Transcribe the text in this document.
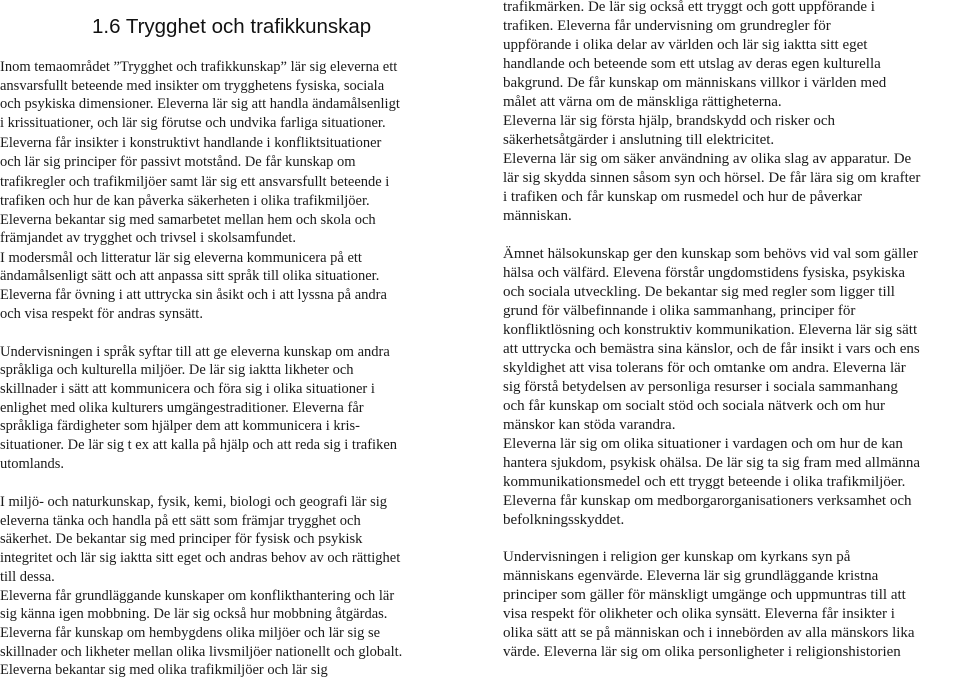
1.6 Trygghet och trafikkunskap
Inom temaområdet ”Trygghet och trafikkunskap” lär sig eleverna ett
ansvarsfullt beteende med insikter om trygghetens fysiska, sociala
och psykiska dimensioner. Eleverna lär sig att handla ändamålsenligt
i krissituationer, och lär sig förutse och undvika farliga situationer.
Eleverna får insikter i konstruktivt handlande i konfliktsituationer
och lär sig principer för passivt motstånd. De får kunskap om
trafikregler och trafikmiljöer samt lär sig ett ansvarsfullt beteende i
trafiken och hur de kan påverka säkerheten i olika trafikmiljöer.
Eleverna bekantar sig med samarbetet mellan hem och skola och
främjandet av trygghet och trivsel i skolsamfundet.
I modersmål och litteratur lär sig eleverna kommunicera på ett
ändamålsenligt sätt och att anpassa sitt språk till olika situationer.
Eleverna får övning i att uttrycka sin åsikt och i att lyssna på andra
och visa respekt för andras synsätt.
Undervisningen i språk syftar till att ge eleverna kunskap om andra
språkliga och kulturella miljöer. De lär sig iaktta likheter och
skillnader i sätt att kommunicera och föra sig i olika situationer i
enlighet med olika kulturers umgängestraditioner. Eleverna får
språkliga färdigheter som hjälper dem att kommunicera i kris-
situationer. De lär sig t ex att kalla på hjälp och att reda sig i trafiken
utomlands.
I miljö- och naturkunskap, fysik, kemi, biologi och geografi lär sig
eleverna tänka och handla på ett sätt som främjar trygghet och
säkerhet. De bekantar sig med principer för fysisk och psykisk
integritet och lär sig iaktta sitt eget och andras behov av och rättighet
till dessa.
Eleverna får grundläggande kunskaper om konflikthantering och lär
sig känna igen mobbning. De lär sig också hur mobbning åtgärdas.
Eleverna får kunskap om hembygdens olika miljöer och lär sig se
skillnader och likheter mellan olika livsmiljöer nationellt och globalt.
Eleverna bekantar sig med olika trafikmiljöer och lär sig
trafikmärken. De lär sig också ett tryggt och gott uppförande i
trafiken. Eleverna får undervisning om grundregler för
uppförande i olika delar av världen och lär sig iaktta sitt eget
handlande och beteende som ett utslag av deras egen kulturella
bakgrund. De får kunskap om människans villkor i världen med
målet att värna om de mänskliga rättigheterna.
Eleverna lär sig första hjälp, brandskydd och risker och
säkerhetsåtgärder i anslutning till elektricitet.
Eleverna lär sig om säker användning av olika slag av apparatur. De
lär sig skydda sinnen såsom syn och hörsel. De får lära sig om krafter
i trafiken och får kunskap om rusmedel och hur de påverkar
människan.
Ämnet hälsokunskap ger den kunskap som behövs vid val som gäller
hälsa och välfärd. Elevena förstår ungdomstidens fysiska, psykiska
och sociala utveckling. De bekantar sig med regler som ligger till
grund för välbefinnande i olika sammanhang, principer för
konfliktlösning och konstruktiv kommunikation. Eleverna lär sig sätt
att uttrycka och bemästra sina känslor, och de får insikt i vars och ens
skyldighet att visa tolerans för och omtanke om andra. Eleverna lär
sig förstå betydelsen av personliga resurser i sociala sammanhang
och får kunskap om socialt stöd och sociala nätverk och om hur
mänskor kan stöda varandra.
Eleverna lär sig om olika situationer i vardagen och om hur de kan
hantera sjukdom, psykisk ohälsa. De lär sig ta sig fram med allmänna
kommunikationsmedel och ett tryggt beteende i olika trafikmiljöer.
Eleverna får kunskap om medborgarorganisationers verksamhet och
befolkningsskyddet.
Undervisningen i religion ger kunskap om kyrkans syn på
människans egenvärde. Eleverna lär sig grundläggande kristna
principer som gäller för mänskligt umgänge och uppmuntras till att
visa respekt för olikheter och olika synsätt. Eleverna får insikter i
olika sätt att se på människan och i innebörden av alla mänskors lika
värde. Eleverna lär sig om olika personligheter i religionshistorien
